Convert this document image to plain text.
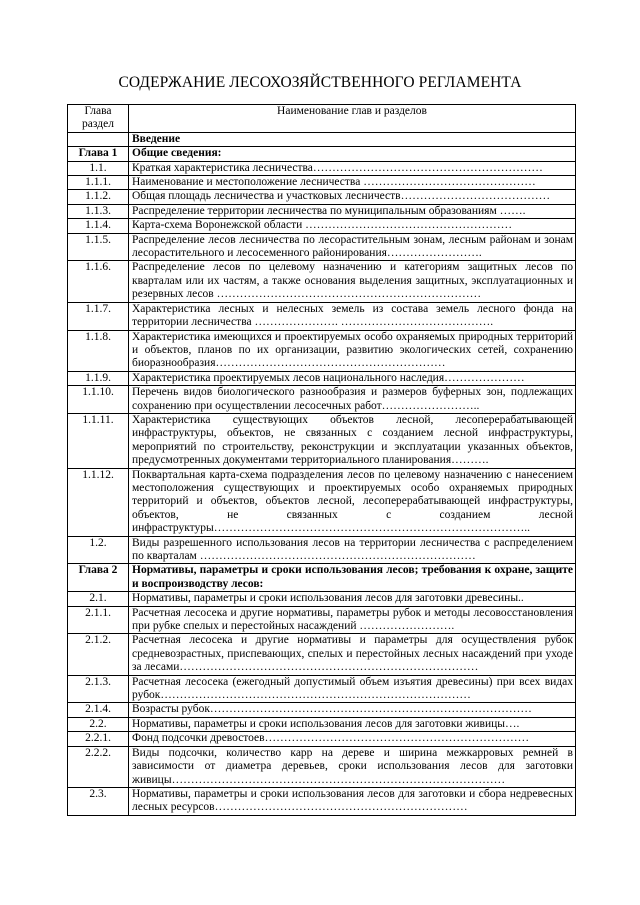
СОДЕРЖАНИЕ ЛЕСОХОЗЯЙСТВЕННОГО РЕГЛАМЕНТА
Глава раздел	Наименование глав и разделов
	Введение
Глава 1	Общие сведения:
1.1.	Краткая характеристика лесничества……………………………………………………
1.1.1.	Наименование и местоположение лесничества ………………………………………
1.1.2.	Общая площадь лесничества и участковых лесничеств…………………………………
1.1.3.	Распределение территории лесничества по муниципальным образованиям …….
1.1.4.	Карта-схема Воронежской области ………………………………………………
1.1.5.	Распределение лесов лесничества по лесорастительным зонам, лесным районам и зонам лесорастительного и лесосеменного районирования…………………….
1.1.6.	Распределение лесов по целевому назначению и категориям защитных лесов по кварталам или их частям, а также основания выделения защитных, эксплуатационных и резервных лесов ……………………………………………………………
1.1.7.	Характеристика лесных и нелесных земель из состава земель лесного фонда на территории лесничества …………………. ………………………………….
1.1.8.	Характеристика имеющихся и проектируемых особо охраняемых природных территорий и объектов, планов по их организации, развитию экологических сетей, сохранению биоразнообразия……………………………………………………
1.1.9.	Характеристика проектируемых лесов национального наследия…………………
1.1.10.	Перечень видов биологического разнообразия и размеров буферных зон, подлежащих сохранению при осуществлении лесосечных работ……………………..
1.1.11.	Характеристика существующих объектов лесной, лесоперерабатывающей инфраструктуры, объектов, не связанных с созданием лесной инфраструктуры, мероприятий по строительству, реконструкции и эксплуатации указанных объектов, предусмотренных документами территориального планирования……….
1.1.12.	Поквартальная карта-схема подразделения лесов по целевому назначению с нанесением местоположения существующих и проектируемых особо охраняемых природных территорий и объектов, объектов лесной, лесоперерабатывающей инфраструктуры, объектов, не связанных с созданием лесной инфраструктуры………………………………………………………………………..
1.2.	Виды разрешенного использования лесов на территории лесничества с распределением по кварталам ………………………………………………………………
Глава 2	Нормативы, параметры и сроки использования лесов; требования к охране, защите и воспроизводству лесов:
2.1.	Нормативы, параметры и сроки использования лесов для заготовки древесины..
2.1.1.	Расчетная лесосека и другие нормативы, параметры рубок и методы лесовосстановления при рубке спелых и перестойных насаждений …………………….
2.1.2.	Расчетная лесосека и другие нормативы и параметры для осуществления рубок средневозрастных, приспевающих, спелых и перестойных лесных насаждений при уходе за лесами……………………………………………………………………
2.1.3.	Расчетная лесосека (ежегодный допустимый объем изъятия древесины) при всех видах рубок………………………………………………………………………
2.1.4.	Возрасты рубок…………………………………………………………………………
2.2.	Нормативы, параметры и сроки использования лесов для заготовки живицы….
2.2.1.	Фонд подсочки древостоев……………………………………………………………
2.2.2.	Виды подсочки, количество карр на дереве и ширина межкарровых ремней в зависимости от диаметра деревьев, сроки использования лесов для заготовки живицы……………………………………………………………………………
2.3.	Нормативы, параметры и сроки использования лесов для заготовки и сбора недревесных лесных ресурсов…………………………………………………………
